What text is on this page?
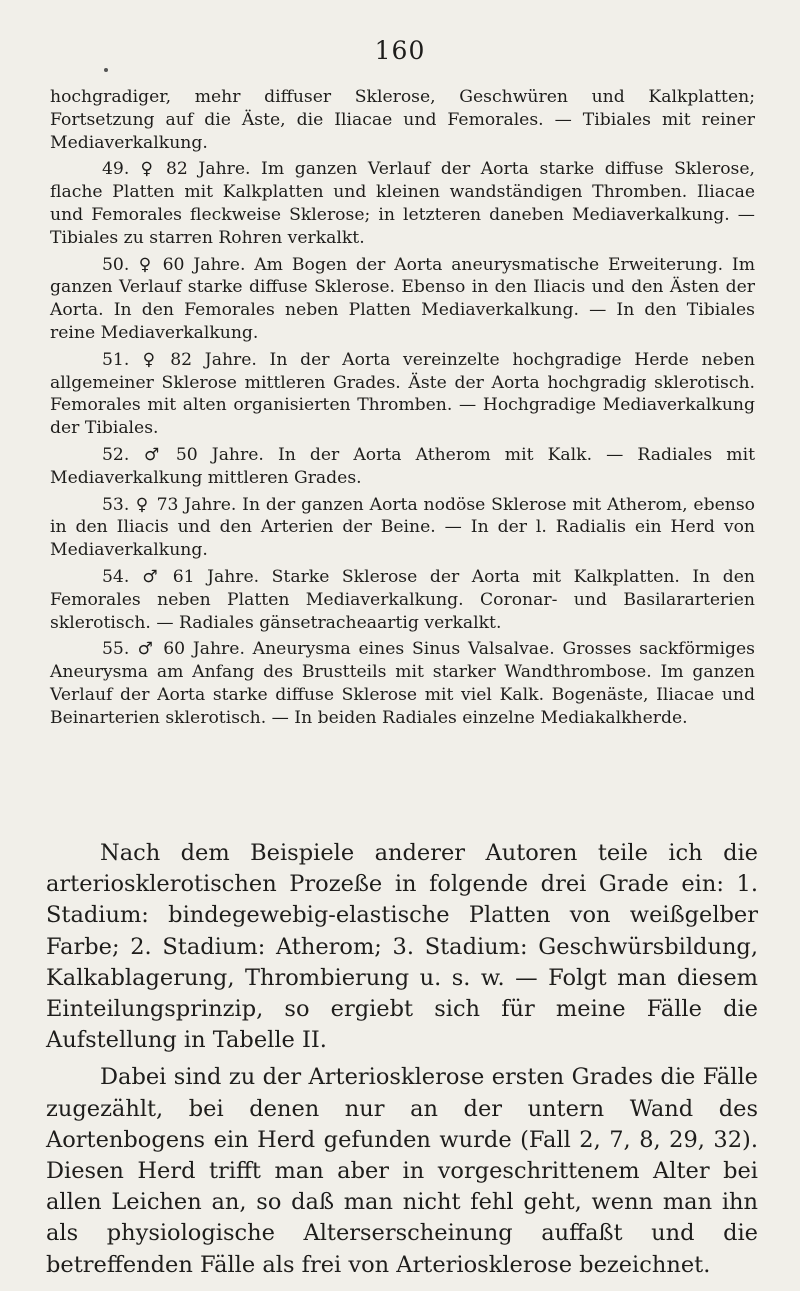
160

hochgradiger, mehr diffuser Sklerose, Geschwüren und Kalkplatten; Fortsetzung auf die Äste, die Iliacae und Femorales. — Tibiales mit reiner Mediaverkalkung.

49. ♀ 82 Jahre. Im ganzen Verlauf der Aorta starke diffuse Sklerose, flache Platten mit Kalkplatten und kleinen wandständigen Thromben. Iliacae und Femorales fleckweise Sklerose; in letzteren daneben Mediaverkalkung. — Tibiales zu starren Rohren verkalkt.

50. ♀ 60 Jahre. Am Bogen der Aorta aneurysmatische Erweiterung. Im ganzen Verlauf starke diffuse Sklerose. Ebenso in den Iliacis und den Ästen der Aorta. In den Femorales neben Platten Mediaverkalkung. — In den Tibiales reine Mediaverkalkung.

51. ♀ 82 Jahre. In der Aorta vereinzelte hochgradige Herde neben allgemeiner Sklerose mittleren Grades. Äste der Aorta hochgradig sklerotisch. Femorales mit alten organisierten Thromben. — Hochgradige Mediaverkalkung der Tibiales.

52. ♂ 50 Jahre. In der Aorta Atherom mit Kalk. — Radiales mit Mediaverkalkung mittleren Grades.

53. ♀ 73 Jahre. In der ganzen Aorta nodöse Sklerose mit Atherom, ebenso in den Iliacis und den Arterien der Beine. — In der l. Radialis ein Herd von Mediaverkalkung.

54. ♂ 61 Jahre. Starke Sklerose der Aorta mit Kalkplatten. In den Femorales neben Platten Mediaverkalkung. Coronar- und Basilararterien sklerotisch. — Radiales gänsetracheaartig verkalkt.

55. ♂ 60 Jahre. Aneurysma eines Sinus Valsalvae. Grosses sackförmiges Aneurysma am Anfang des Brustteils mit starker Wandthrombose. Im ganzen Verlauf der Aorta starke diffuse Sklerose mit viel Kalk. Bogenäste, Iliacae und Beinarterien sklerotisch. — In beiden Radiales einzelne Mediakalkherde.

Nach dem Beispiele anderer Autoren teile ich die arteriosklerotischen Prozeße in folgende drei Grade ein: 1. Stadium: bindegewebig-elastische Platten von weißgelber Farbe; 2. Stadium: Atherom; 3. Stadium: Geschwürsbildung, Kalkablagerung, Thrombierung u. s. w. — Folgt man diesem Einteilungsprinzip, so ergiebt sich für meine Fälle die Aufstellung in Tabelle II.

Dabei sind zu der Arteriosklerose ersten Grades die Fälle zugezählt, bei denen nur an der untern Wand des Aortenbogens ein Herd gefunden wurde (Fall 2, 7, 8, 29, 32). Diesen Herd trifft man aber in vorgeschrittenem Alter bei allen Leichen an, so daß man nicht fehl geht, wenn man ihn als physiologische Alterserscheinung auffaßt und die betreffenden Fälle als frei von Arteriosklerose bezeichnet.
